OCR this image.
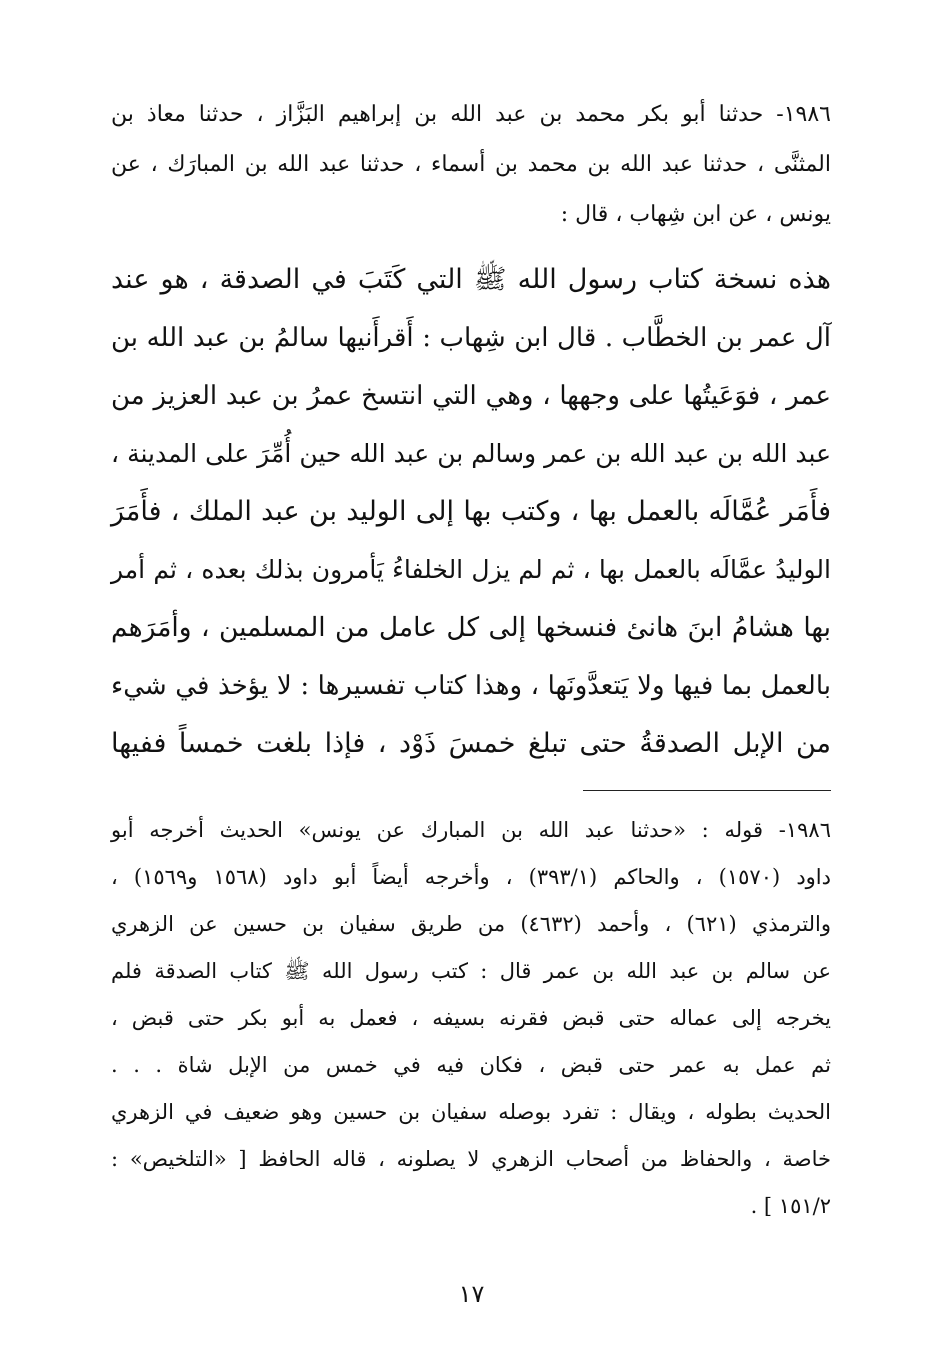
١٩٨٦- حدثنا أبو بكر محمد بن عبد الله بن إبراهيم البَزَّاز ، حدثنا معاذ بن
المثنَّى ، حدثنا عبد الله بن محمد بن أسماء ، حدثنا عبد الله بن المبارَك ، عن
يونس ، عن ابن شِهاب ، قال :
هذه نسخة كتاب رسول الله ﷺ التي كَتَبَ في الصدقة ، هو عند
آل عمر بن الخطَّاب . قال ابن شِهاب : أَقرأَنيها سالمُ بن عبد الله بن
عمر ، فوَعَيتُها على وجهها ، وهي التي انتسخ عمرُ بن عبد العزيز من
عبد الله بن عبد الله بن عمر وسالم بن عبد الله حين أُمِّرَ على المدينة ،
فأَمَر عُمَّالَه بالعمل بها ، وكتب بها إلى الوليد بن عبد الملك ، فأَمَرَ
الوليدُ عمَّالَه بالعمل بها ، ثم لم يزل الخلفاءُ يَأمرون بذلك بعده ، ثم أمر
بها هشامُ ابنَ هانئ فنسخها إلى كل عامل من المسلمين ، وأمَرَهم
بالعمل بما فيها ولا يَتعدَّونَها ، وهذا كتاب تفسيرها : لا يؤخذ في شيء
من الإبل الصدقةُ حتى تبلغ خمسَ ذَوْد ، فإذا بلغت خمساً ففيها
١٩٨٦- قوله : «حدثنا عبد الله بن المبارك عن يونس» الحديث أخرجه أبو
داود (١٥٧٠) ، والحاكم (٣٩٣/١) ، وأخرجه أيضاً أبو داود (١٥٦٨ و١٥٦٩) ،
والترمذي (٦٢١) ، وأحمد (٤٦٣٢) من طريق سفيان بن حسين عن الزهري
عن سالم بن عبد الله بن عمر قال : كتب رسول الله ﷺ كتاب الصدقة فلم
يخرجه إلى عماله حتى قبض فقرنه بسيفه ، فعمل به أبو بكر حتى قبض ،
ثم عمل به عمر حتى قبض ، فكان فيه في خمس من الإبل شاة . . .
الحديث بطوله ، ويقال : تفرد بوصله سفيان بن حسين وهو ضعيف في الزهري
خاصة ، والحفاظ من أصحاب الزهري لا يصلونه ، قاله الحافظ [ «التلخيص» :
١٥١/٢ ] .
١٧
